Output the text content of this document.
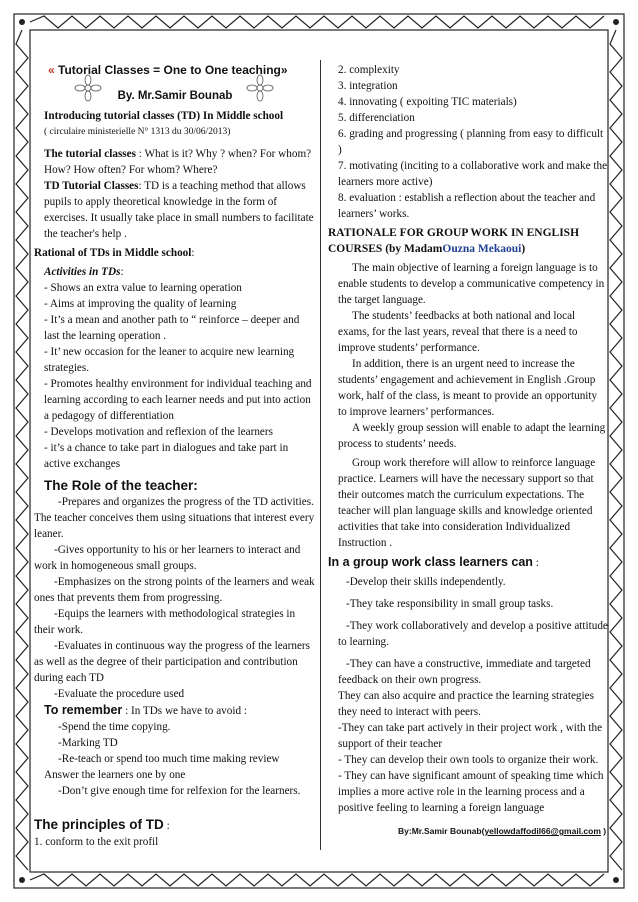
« Tutorial Classes = One to One teaching»

By. Mr.Samir Bounab

Introducing tutorial classes (TD) In Middle school

( circulaire ministerielle N° 1313 du 30/06/2013)

The tutorial classes : What is it? Why ? when? For whom? How? How often? For whom? Where?

TD Tutorial Classes: TD is a teaching method that allows pupils to apply theoretical knowledge in the form of exercises. It usually take place in small numbers to facilitate the teacher's help .

Rational of TDs in Middle school:

Activities in TDs:

- Shows an extra value to learning operation

- Aims at improving the quality of learning

- It’s a mean and another path to “ reinforce – deeper and last the learning operation .

- It’ new occasion for the leaner to acquire new learning strategies.

- Promotes healthy environment for individual teaching and learning according to each learner needs and put into action a pedagogy of differentiation

- Develops motivation and reflexion of the learners

- it’s a chance to take part in dialogues and take part in active exchanges

The Role of the teacher:

-Prepares and organizes the progress of the TD activities. The teacher conceives them using situations that interest every leaner.

-Gives opportunity to his or her learners to interact and work in homogeneous small groups.

-Emphasizes on the strong points of the learners and weak ones that prevents them from progressing.

-Equips the learners with methodological strategies in their work.

-Evaluates in continuous way the progress of the learners as well as the degree of their participation and contribution during each TD

-Evaluate the procedure used

To remember : In TDs we have to avoid :

-Spend the time copying.

-Marking TD

-Re-teach or spend too much time making review

Answer the learners one by one

-Don’t give enough time for relfexion for the learners.

The principles of TD :

1. conform to the exit profil

2. complexity

3. integration

4. innovating ( expoiting TIC materials)

5. differenciation

6. grading and progressing ( planning from easy to difficult )

7. motivating (inciting to a collaborative work and make the learners more active)

8. evaluation : establish a reflection about the teacher and learners’ works.

RATIONALE FOR GROUP WORK IN ENGLISH COURSES (by MadamOuzna Mekaoui)

The main objective of learning a foreign language is to enable students to develop a communicative competency in the target language.

The students’ feedbacks at both national and local exams, for the last years, reveal that there is a need to improve students’ performance.

In addition, there is an urgent need to increase the students’ engagement and achievement in English .Group work, half of the class, is meant to provide an opportunity to improve learners’ performances.

A weekly group session will enable to adapt the learning process to students’ needs.

Group work therefore will allow to reinforce language practice. Learners will have the necessary support so that their outcomes match the curriculum expectations. The teacher will plan language skills and knowledge oriented activities that take into consideration Individualized Instruction .

In a group work class learners can :

-Develop their skills independently.

-They take responsibility in small group tasks.

-They work collaboratively and develop a positive attitude to learning.

-They can have a constructive, immediate and targeted feedback on their own progress.

They can also acquire and practice the learning strategies they need to interact with peers.

-They can take part actively in their project work , with the support of their teacher

- They can develop their own tools to organize their work.

- They can have significant amount of speaking time which implies a more active role in the learning process and a positive feeling to learning a foreign language

By:Mr.Samir Bounab(yellowdaffodil66@gmail.com )
